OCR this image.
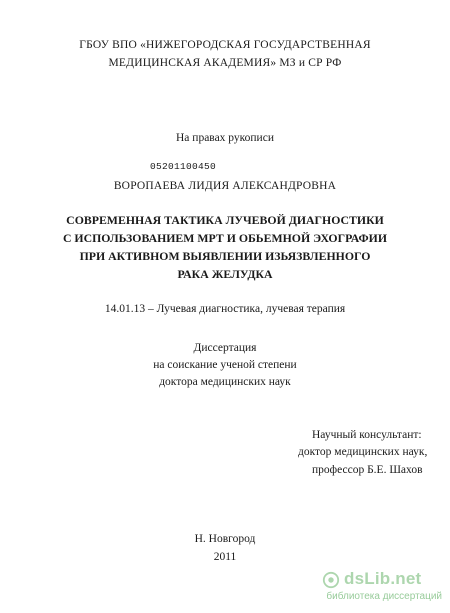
ГБОУ ВПО «НИЖЕГОРОДСКАЯ ГОСУДАРСТВЕННАЯ
МЕДИЦИНСКАЯ АКАДЕМИЯ» МЗ и СР РФ
На правах рукописи
05201100450
ВОРОПАЕВА ЛИДИЯ АЛЕКСАНДРОВНА
СОВРЕМЕННАЯ ТАКТИКА ЛУЧЕВОЙ ДИАГНОСТИКИ
С ИСПОЛЬЗОВАНИЕМ МРТ И ОБЬЕМНОЙ ЭХОГРАФИИ
ПРИ АКТИВНОМ ВЫЯВЛЕНИИ ИЗЬЯЗВЛЕННОГО
РАКА ЖЕЛУДКА
14.01.13 – Лучевая диагностика, лучевая терапия
Диссертация
на соискание ученой степени
доктора медицинских наук
Научный консультант:
доктор медицинских наук,
профессор Б.Е. Шахов
Н. Новгород
2011
dsLib.net
библиотека диссертаций
